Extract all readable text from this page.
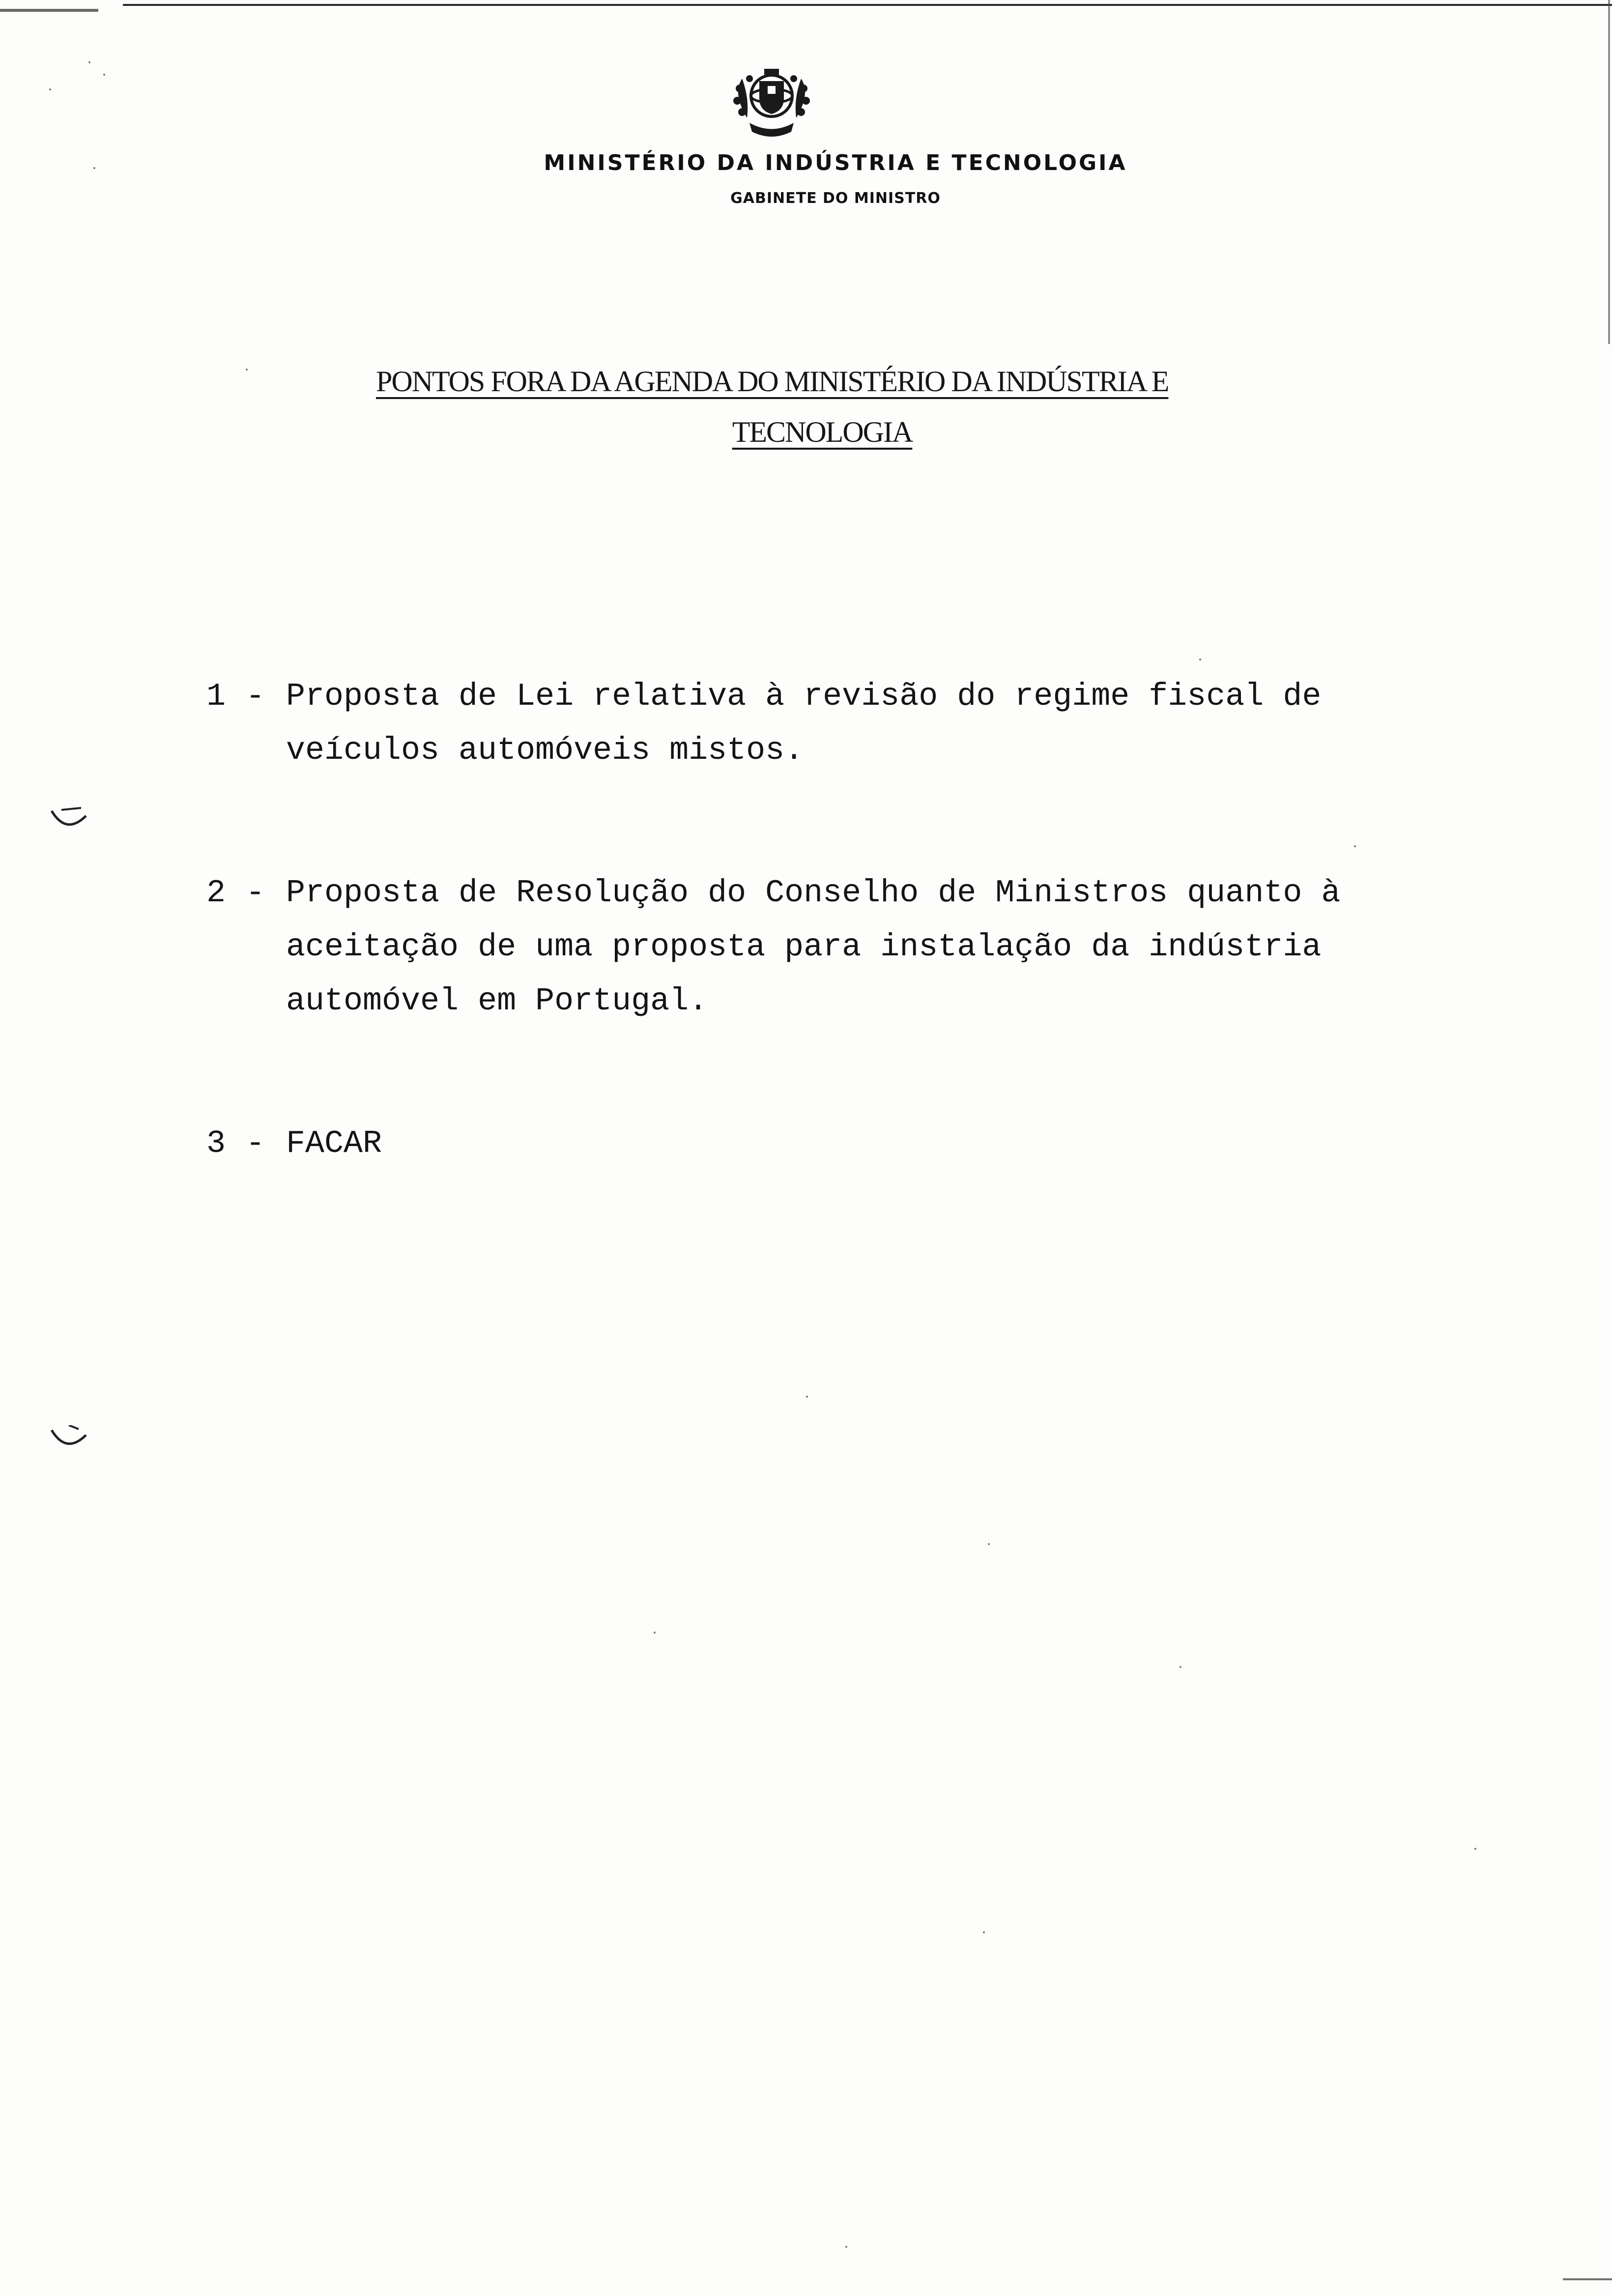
MINISTÉRIO DA INDÚSTRIA E TECNOLOGIA
GABINETE DO MINISTRO
PONTOS FORA DA AGENDA DO MINISTÉRIO DA INDÚSTRIA E
TECNOLOGIA
1 - Proposta de Lei relativa à revisão do regime fiscal de
veículos automóveis mistos.
2 - Proposta de Resolução do Conselho de Ministros quanto à
aceitação de uma proposta para instalação da indústria
automóvel em Portugal.
3 - FACAR
